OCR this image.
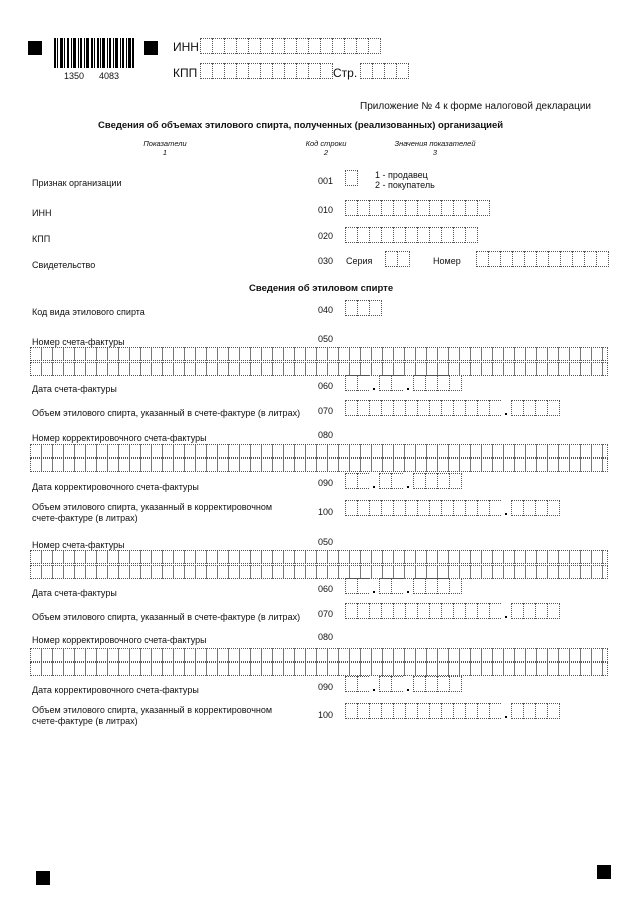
1350 4083
ИНН
КПП	Стр.
Приложение № 4 к форме налоговой декларации
Сведения об объемах этилового спирта, полученных (реализованных) организацией
Показатели
1
Код строки
2
Значения показателей
3
Признак организации	001
1 - продавец
2 - покупатель
ИНН	010
КПП	020
Свидетельство	030 Серия	Номер
Сведения об этиловом спирте
Код вида этилового спирта	040
Номер счета-фактуры	050
Дата счета-фактуры	060
Объем этилового спирта, указанный в счете-фактуре (в литрах) 070
Номер корректировочного счета-фактуры	080
Дата корректировочного счета-фактуры	090
Объем этилового спирта, указанный в корректировочном
счете-фактуре (в литрах)
100
Номер счета-фактуры	050
Дата счета-фактуры	060
Объем этилового спирта, указанный в счете-фактуре (в литрах) 070
Номер корректировочного счета-фактуры	080
Дата корректировочного счета-фактуры	090
Объем этилового спирта, указанный в корректировочном
счете-фактуре (в литрах)
100
